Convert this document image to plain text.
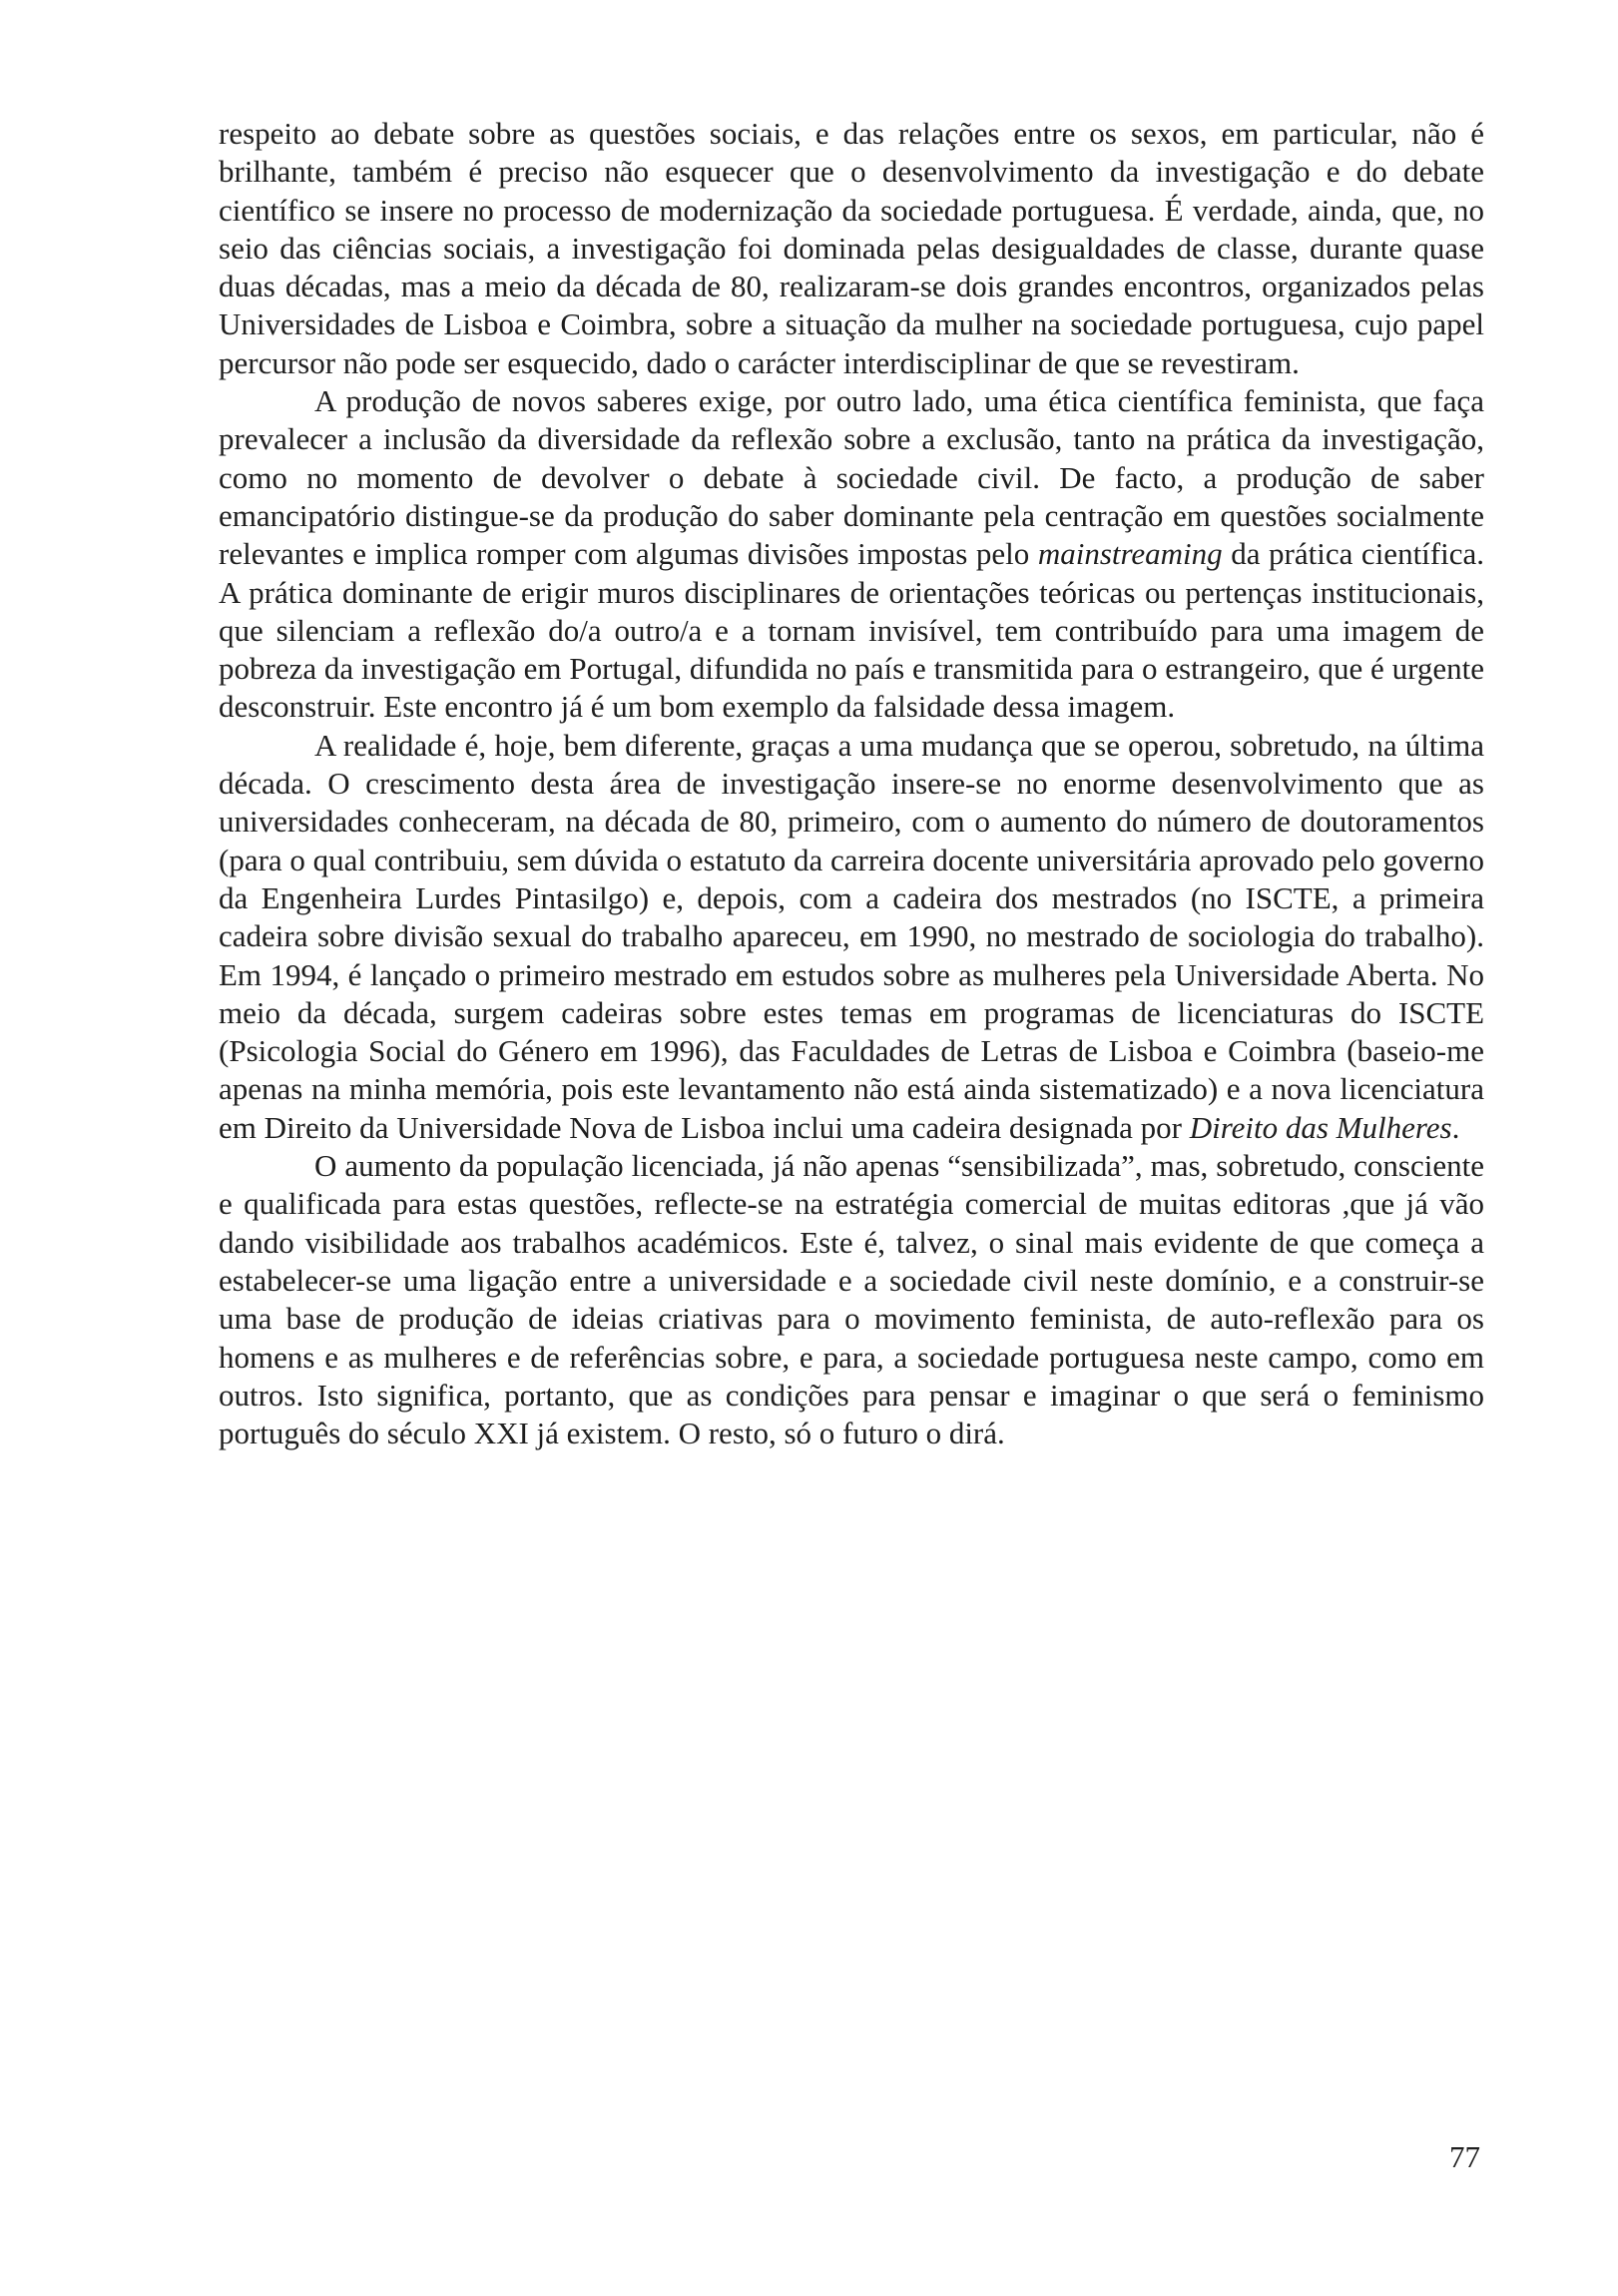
respeito ao debate sobre as questões sociais, e das relações entre os sexos, em particular, não é brilhante, também é preciso não esquecer que o desenvolvimento da investigação e do debate científico se insere no processo de modernização da sociedade portuguesa. É verdade, ainda, que, no seio das ciências sociais, a investigação foi dominada pelas desigualdades de classe, durante quase duas décadas, mas a meio da década de 80, realizaram-se dois grandes encontros, organizados pelas Universidades de Lisboa e Coimbra, sobre a situação da mulher na sociedade portuguesa, cujo papel percursor não pode ser esquecido, dado o carácter interdisciplinar de que se revestiram.

A produção de novos saberes exige, por outro lado, uma ética científica feminista, que faça prevalecer a inclusão da diversidade da reflexão sobre a exclusão, tanto na prática da investigação, como no momento de devolver o debate à sociedade civil. De facto, a produção de saber emancipatório distingue-se da produção do saber dominante pela centração em questões socialmente relevantes e implica romper com algumas divisões impostas pelo mainstreaming da prática científica. A prática dominante de erigir muros disciplinares de orientações teóricas ou pertenças institucionais, que silenciam a reflexão do/a outro/a e a tornam invisível, tem contribuído para uma imagem de pobreza da investigação em Portugal, difundida no país e transmitida para o estrangeiro, que é urgente desconstruir. Este encontro já é um bom exemplo da falsidade dessa imagem.

A realidade é, hoje, bem diferente, graças a uma mudança que se operou, sobretudo, na última década. O crescimento desta área de investigação insere-se no enorme desenvolvimento que as universidades conheceram, na década de 80, primeiro, com o aumento do número de doutoramentos (para o qual contribuiu, sem dúvida o estatuto da carreira docente universitária aprovado pelo governo da Engenheira Lurdes Pintasilgo) e, depois, com a cadeira dos mestrados (no ISCTE, a primeira cadeira sobre divisão sexual do trabalho apareceu, em 1990, no mestrado de sociologia do trabalho). Em 1994, é lançado o primeiro mestrado em estudos sobre as mulheres pela Universidade Aberta. No meio da década, surgem cadeiras sobre estes temas em programas de licenciaturas do ISCTE (Psicologia Social do Género em 1996), das Faculdades de Letras de Lisboa e Coimbra (baseio-me apenas na minha memória, pois este levantamento não está ainda sistematizado) e a nova licenciatura em Direito da Universidade Nova de Lisboa inclui uma cadeira designada por Direito das Mulheres.

O aumento da população licenciada, já não apenas “sensibilizada”, mas, sobretudo, consciente e qualificada para estas questões, reflecte-se na estratégia comercial de muitas editoras ,que já vão dando visibilidade aos trabalhos académicos. Este é, talvez, o sinal mais evidente de que começa a estabelecer-se uma ligação entre a universidade e a sociedade civil neste domínio, e a construir-se uma base de produção de ideias criativas para o movimento feminista, de auto-reflexão para os homens e as mulheres e de referências sobre, e para, a sociedade portuguesa neste campo, como em outros. Isto significa, portanto, que as condições para pensar e imaginar o que será o feminismo português do século XXI já existem. O resto, só o futuro o dirá.

77
